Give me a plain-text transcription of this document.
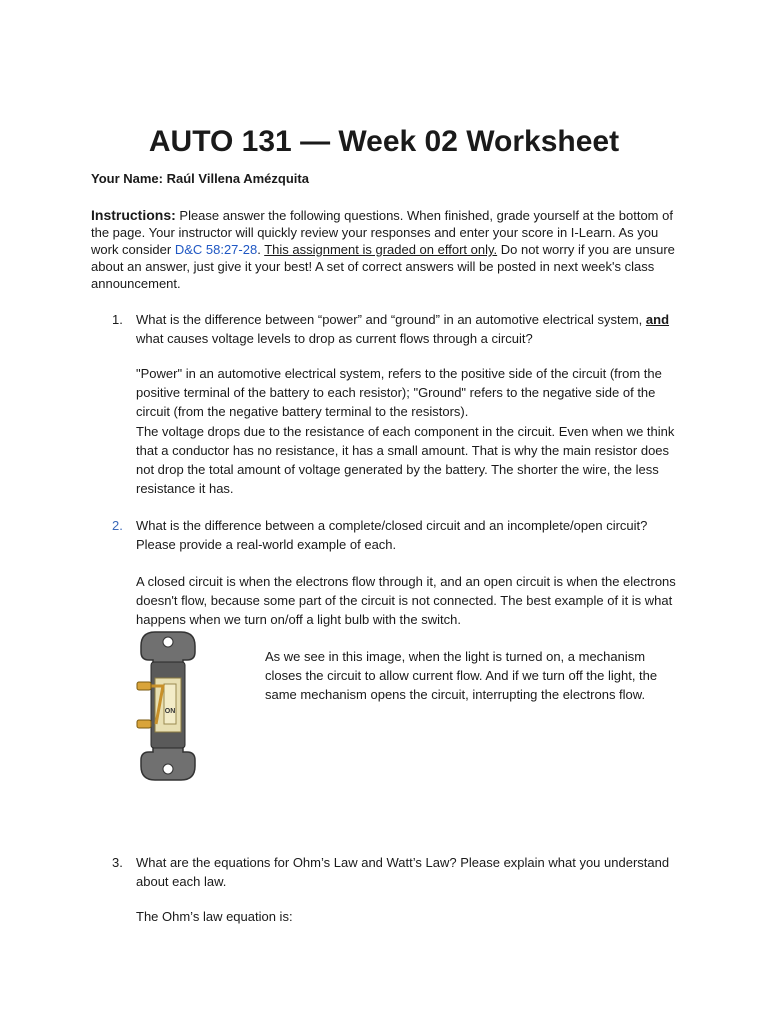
AUTO 131 — Week 02 Worksheet
Your Name: Raúl Villena Amézquita
Instructions: Please answer the following questions. When finished, grade yourself at the bottom of the page. Your instructor will quickly review your responses and enter your score in I-Learn. As you work consider D&C 58:27-28. This assignment is graded on effort only. Do not worry if you are unsure about an answer, just give it your best! A set of correct answers will be posted in next week's class announcement.
1. What is the difference between “power” and “ground” in an automotive electrical system, and what causes voltage levels to drop as current flows through a circuit?
"Power" in an automotive electrical system, refers to the positive side of the circuit (from the positive terminal of the battery to each resistor); "Ground" refers to the negative side of the circuit (from the negative battery terminal to the resistors).
The voltage drops due to the resistance of each component in the circuit. Even when we think that a conductor has no resistance, it has a small amount. That is why the main resistor does not drop the total amount of voltage generated by the battery. The shorter the wire, the less resistance it has.
2. What is the difference between a complete/closed circuit and an incomplete/open circuit? Please provide a real-world example of each.
A closed circuit is when the electrons flow through it, and an open circuit is when the electrons doesn't flow, because some part of the circuit is not connected. The best example of it is what happens when we turn on/off a light bulb with the switch.
ON
As we see in this image, when the light is turned on, a mechanism closes the circuit to allow current flow. And if we turn off the light, the same mechanism opens the circuit, interrupting the electrons flow.
3. What are the equations for Ohm’s Law and Watt’s Law? Please explain what you understand about each law.
The Ohm’s law equation is:
